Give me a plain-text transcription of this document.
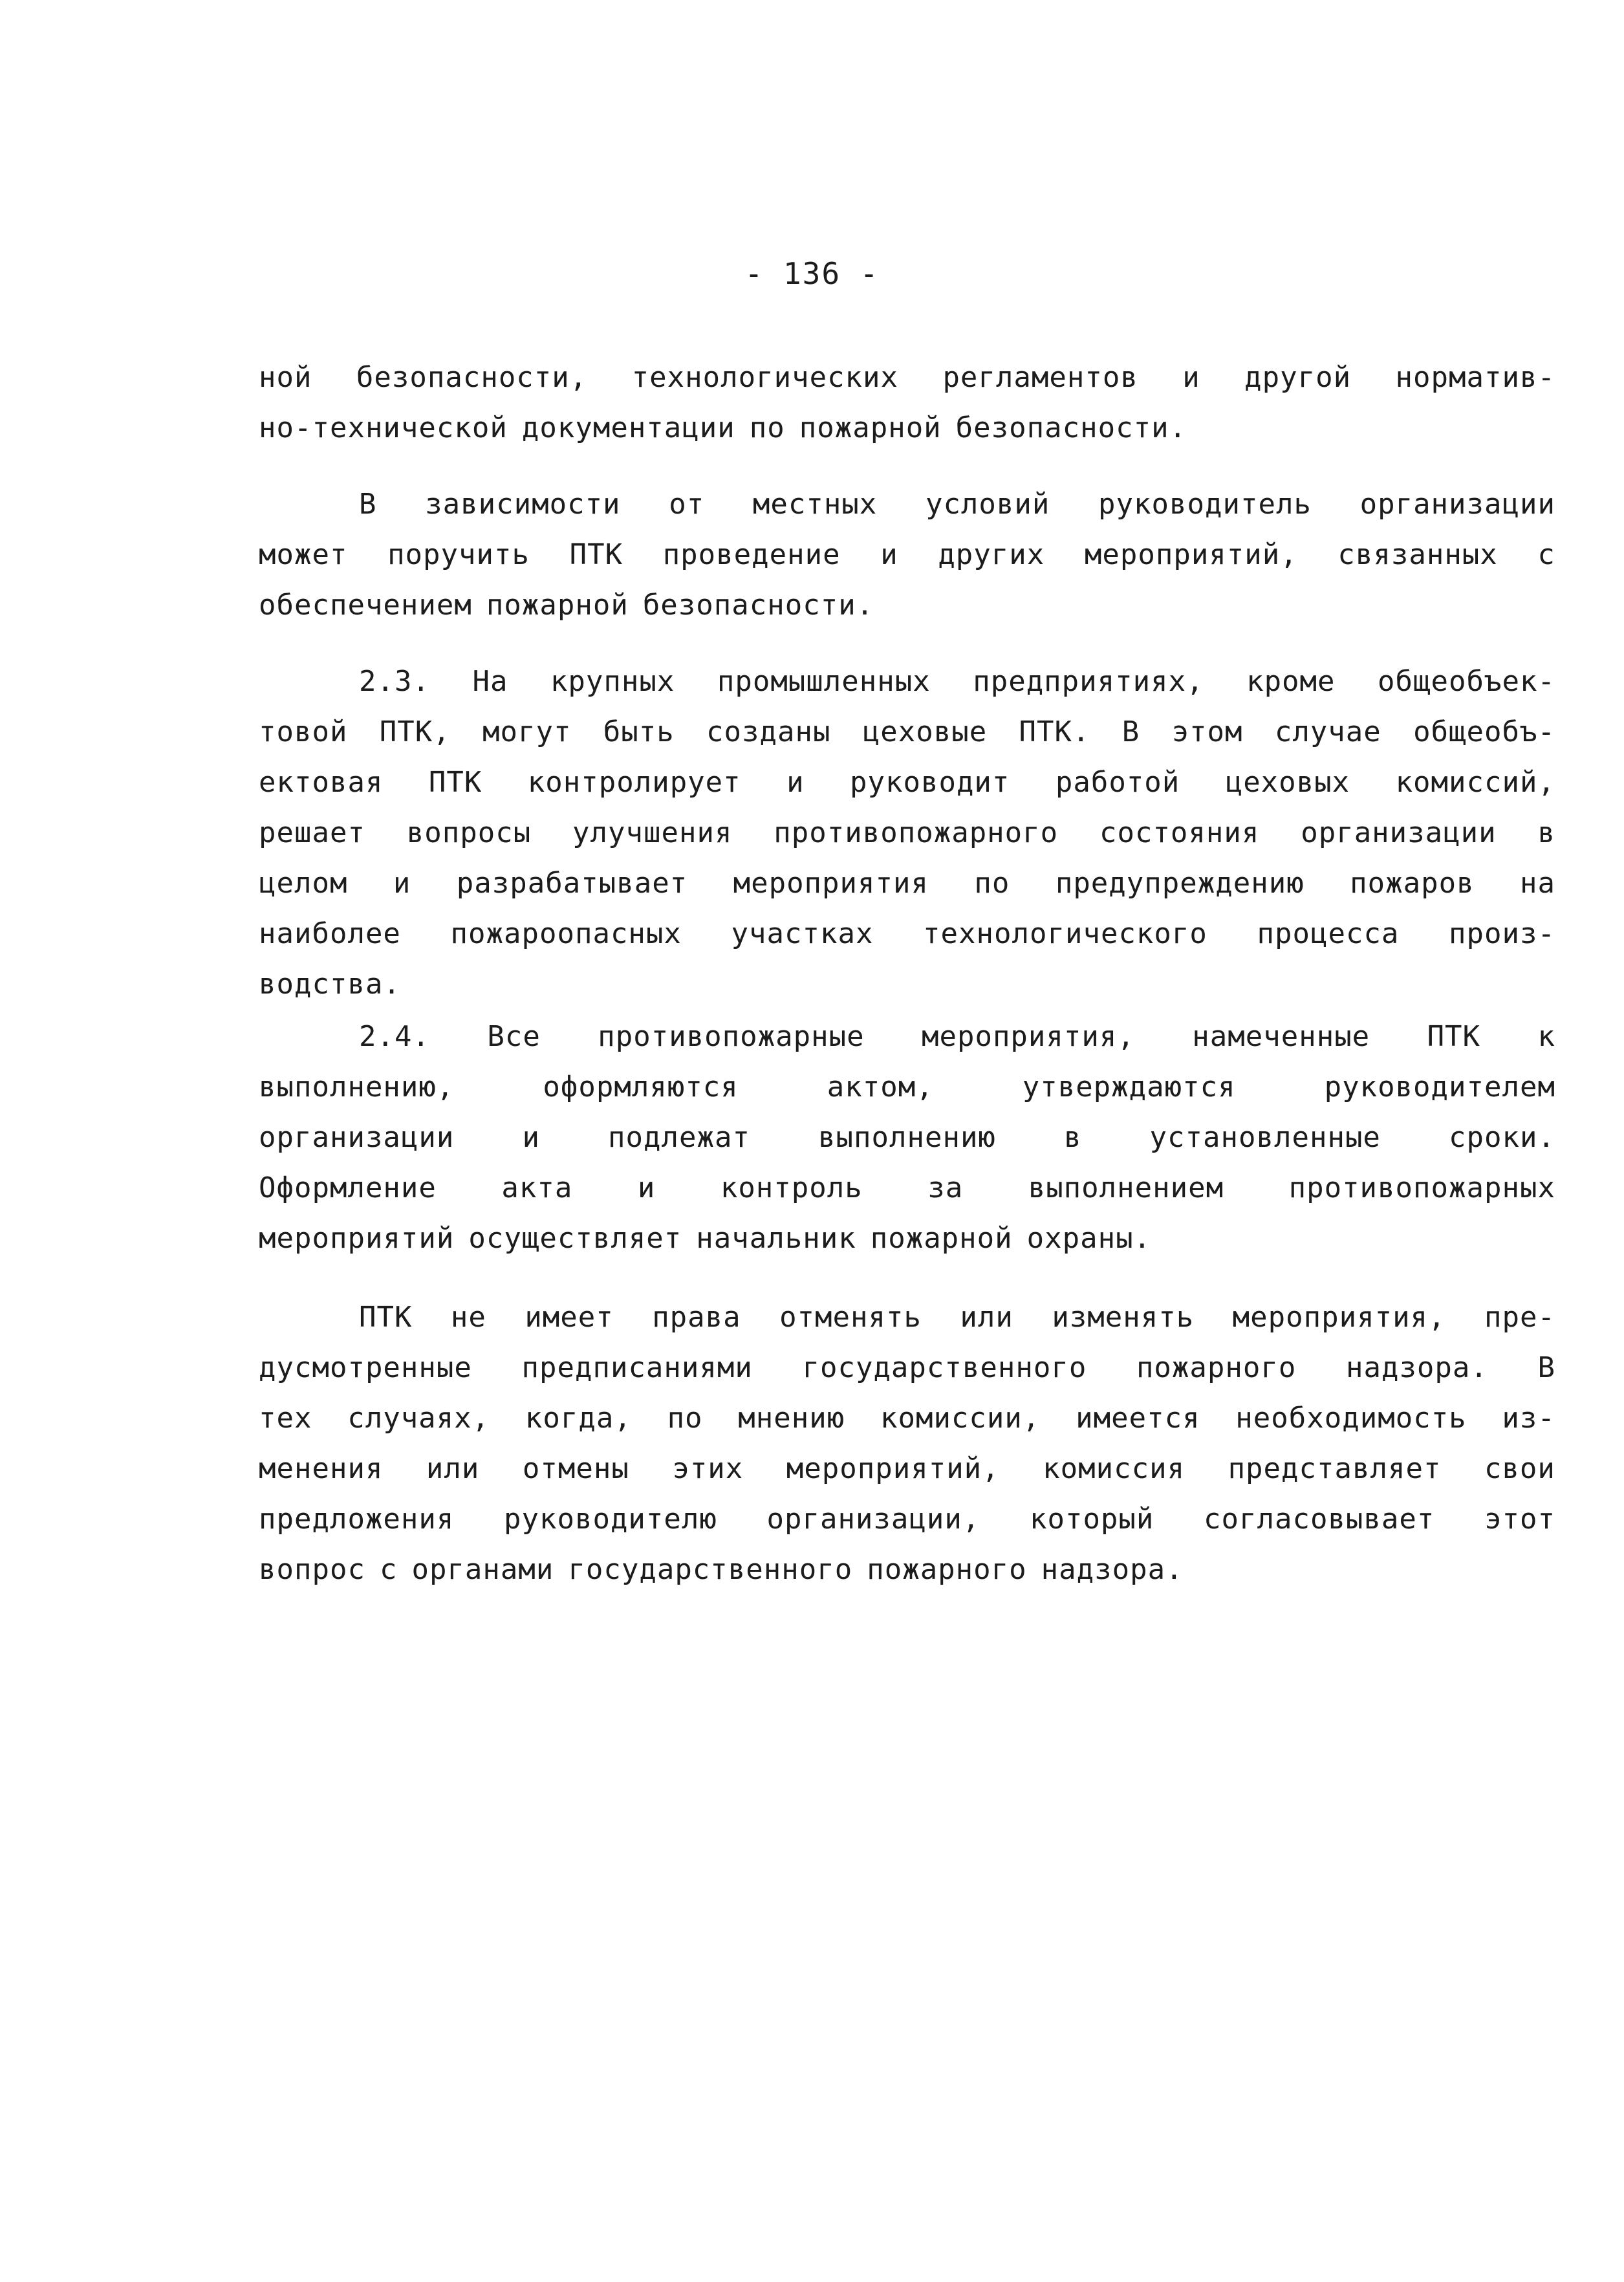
- 136 -
ной безопасности, технологических регламентов и другой норматив-
но-технической документации по пожарной безопасности.
В зависимости от местных условий руководитель организации
может поручить ПТК проведение и других мероприятий, связанных с
обеспечением пожарной безопасности.
2.3. На крупных промышленных предприятиях, кроме общеобъек-
товой ПТК, могут быть созданы цеховые ПТК. В этом случае общеобъ-
ектовая ПТК контролирует и руководит работой цеховых комиссий,
решает вопросы улучшения противопожарного состояния организации в
целом и разрабатывает мероприятия по предупреждению пожаров на
наиболее пожароопасных участках технологического процесса произ-
водства.
2.4. Все противопожарные мероприятия, намеченные ПТК к
выполнению,	оформляются	актом,	утверждаются	руководителем
организации и подлежат выполнению в установленные сроки.
Оформление акта и контроль за выполнением противопожарных
мероприятий осуществляет начальник пожарной охраны.
ПТК не имеет права отменять или изменять мероприятия, пре-
дусмотренные предписаниями государственного пожарного надзора. В
тех случаях, когда, по мнению комиссии, имеется необходимость из-
менения или отмены этих мероприятий, комиссия представляет свои
предложения руководителю организации, который согласовывает этот
вопрос с органами государственного пожарного надзора.
